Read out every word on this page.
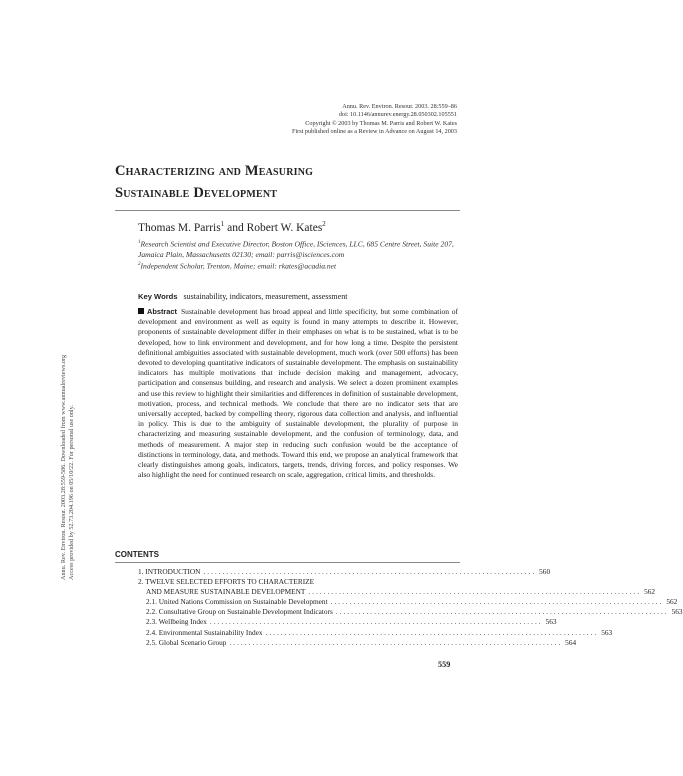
Annu. Rev. Environ. Resour. 2003. 28:559–86
doi: 10.1146/annurev.energy.28.050302.105551
Copyright © 2003 by Thomas M. Parris and Robert W. Kates
First published online as a Review in Advance on August 14, 2003
Characterizing and Measuring
Sustainable Development
Thomas M. Parris$^1$ and Robert W. Kates$^2$
$^1$Research Scientist and Executive Director, Boston Office, ISciences, LLC, 685 Centre Street, Suite 207, Jamaica Plain, Massachusetts 02130; email: parris@isciences.com
$^2$Independent Scholar, Trenton, Maine; email: rkates@acadia.net
Annu. Rev. Environ. Resour. 2003.28:559-586. Downloaded from www.annualreviews.org Access provided by 52.73.204.196 on 05/10/22. For personal use only.
Key Words sustainability, indicators, measurement, assessment
Abstract Sustainable development has broad appeal and little specificity, but some combination of development and environment as well as equity is found in many attempts to describe it. However, proponents of sustainable development differ in their emphases on what is to be sustained, what is to be developed, how to link environment and development, and for how long a time. Despite the persistent definitional ambiguities associated with sustainable development, much work (over 500 efforts) has been devoted to developing quantitative indicators of sustainable development. The emphasis on sustainability indicators has multiple motivations that include decision making and management, advocacy, participation and consensus building, and research and analysis. We select a dozen prominent examples and use this review to highlight their similarities and differences in definition of sustainable development, motivation, process, and technical methods. We conclude that there are no indicator sets that are universally accepted, backed by compelling theory, rigorous data collection and analysis, and influential in policy. This is due to the ambiguity of sustainable development, the plurality of purpose in characterizing and measuring sustainable development, and the confusion of terminology, data, and methods of measurement. A major step in reducing such confusion would be the acceptance of distinctions in terminology, data, and methods. Toward this end, we propose an analytical framework that clearly distinguishes among goals, indicators, targets, trends, driving forces, and policy responses. We also highlight the need for continued research on scale, aggregation, critical limits, and thresholds.
CONTENTS
1. INTRODUCTION ....................................................................................... 560
2. TWELVE SELECTED EFFORTS TO CHARACTERIZE
AND MEASURE SUSTAINABLE DEVELOPMENT ....................................................................................... 562
2.1. United Nations Commission on Sustainable Development ....................................................................................... 562
2.2. Consultative Group on Sustainable Development Indicators ....................................................................................... 563
2.3. Wellbeing Index ....................................................................................... 563
2.4. Environmental Sustainability Index ....................................................................................... 563
2.5. Global Scenario Group ....................................................................................... 564
559
